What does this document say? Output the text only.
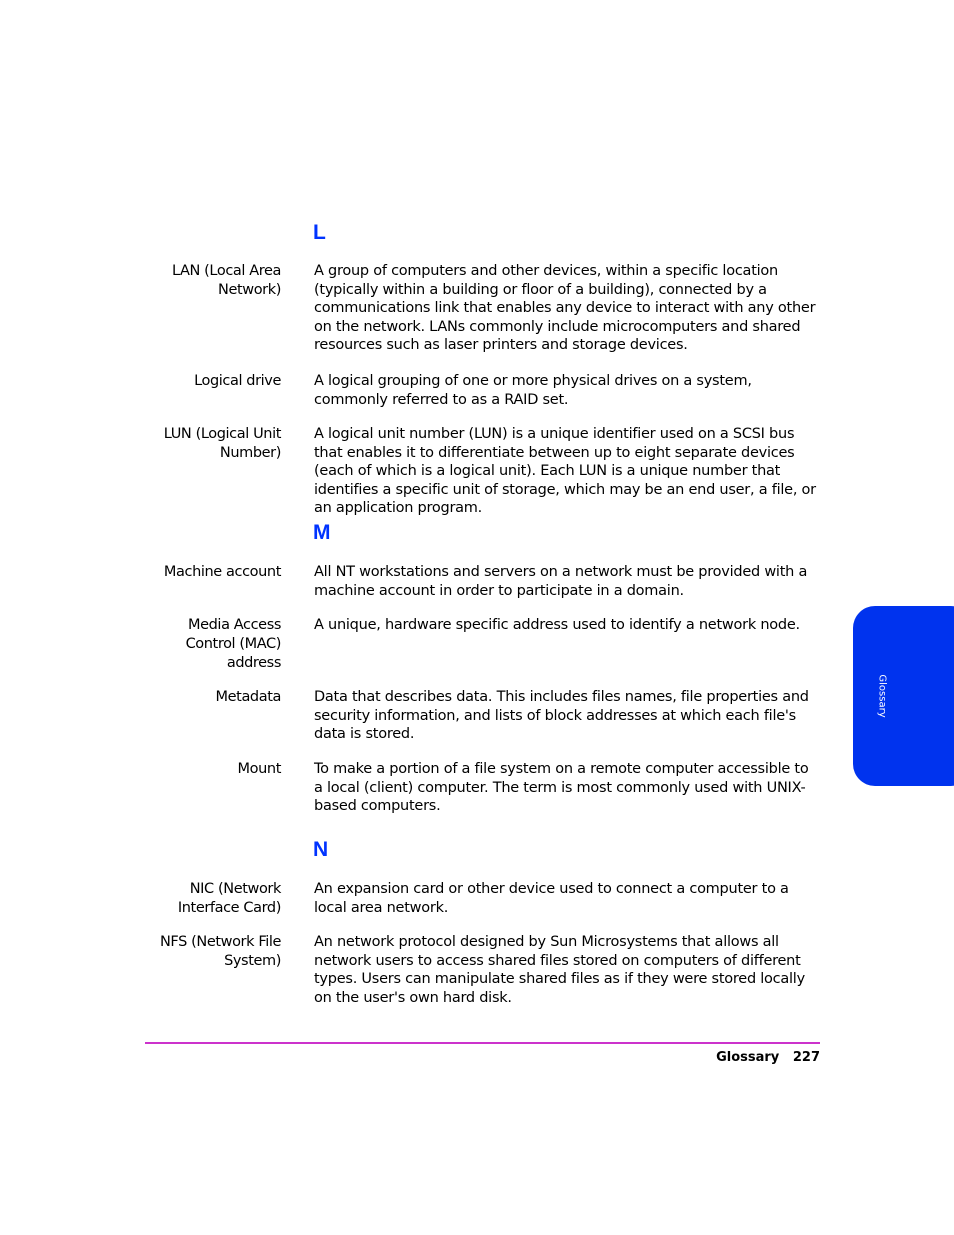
L
LAN (Local Area Network)
A group of computers and other devices, within a specific location (typically within a building or floor of a building), connected by a communications link that enables any device to interact with any other on the network. LANs commonly include microcomputers and shared resources such as laser printers and storage devices.
Logical drive A logical grouping of one or more physical drives on a system, commonly referred to as a RAID set.
LUN (Logical Unit Number)
A logical unit number (LUN) is a unique identifier used on a SCSI bus that enables it to differentiate between up to eight separate devices (each of which is a logical unit). Each LUN is a unique number that identifies a specific unit of storage, which may be an end user, a file, or an application program.
M
Machine account All NT workstations and servers on a network must be provided with a machine account in order to participate in a domain.
Media Access Control (MAC) address
A unique, hardware specific address used to identify a network node.
Metadata Data that describes data. This includes files names, file properties and security information, and lists of block addresses at which each file's data is stored.
Mount To make a portion of a file system on a remote computer accessible to a local (client) computer. The term is most commonly used with UNIX-based computers.
N
NIC (Network Interface Card)
An expansion card or other device used to connect a computer to a local area network.
NFS (Network File System)
An network protocol designed by Sun Microsystems that allows all network users to access shared files stored on computers of different types. Users can manipulate shared files as if they were stored locally on the user's own hard disk.
Glossary 227
Glossary
